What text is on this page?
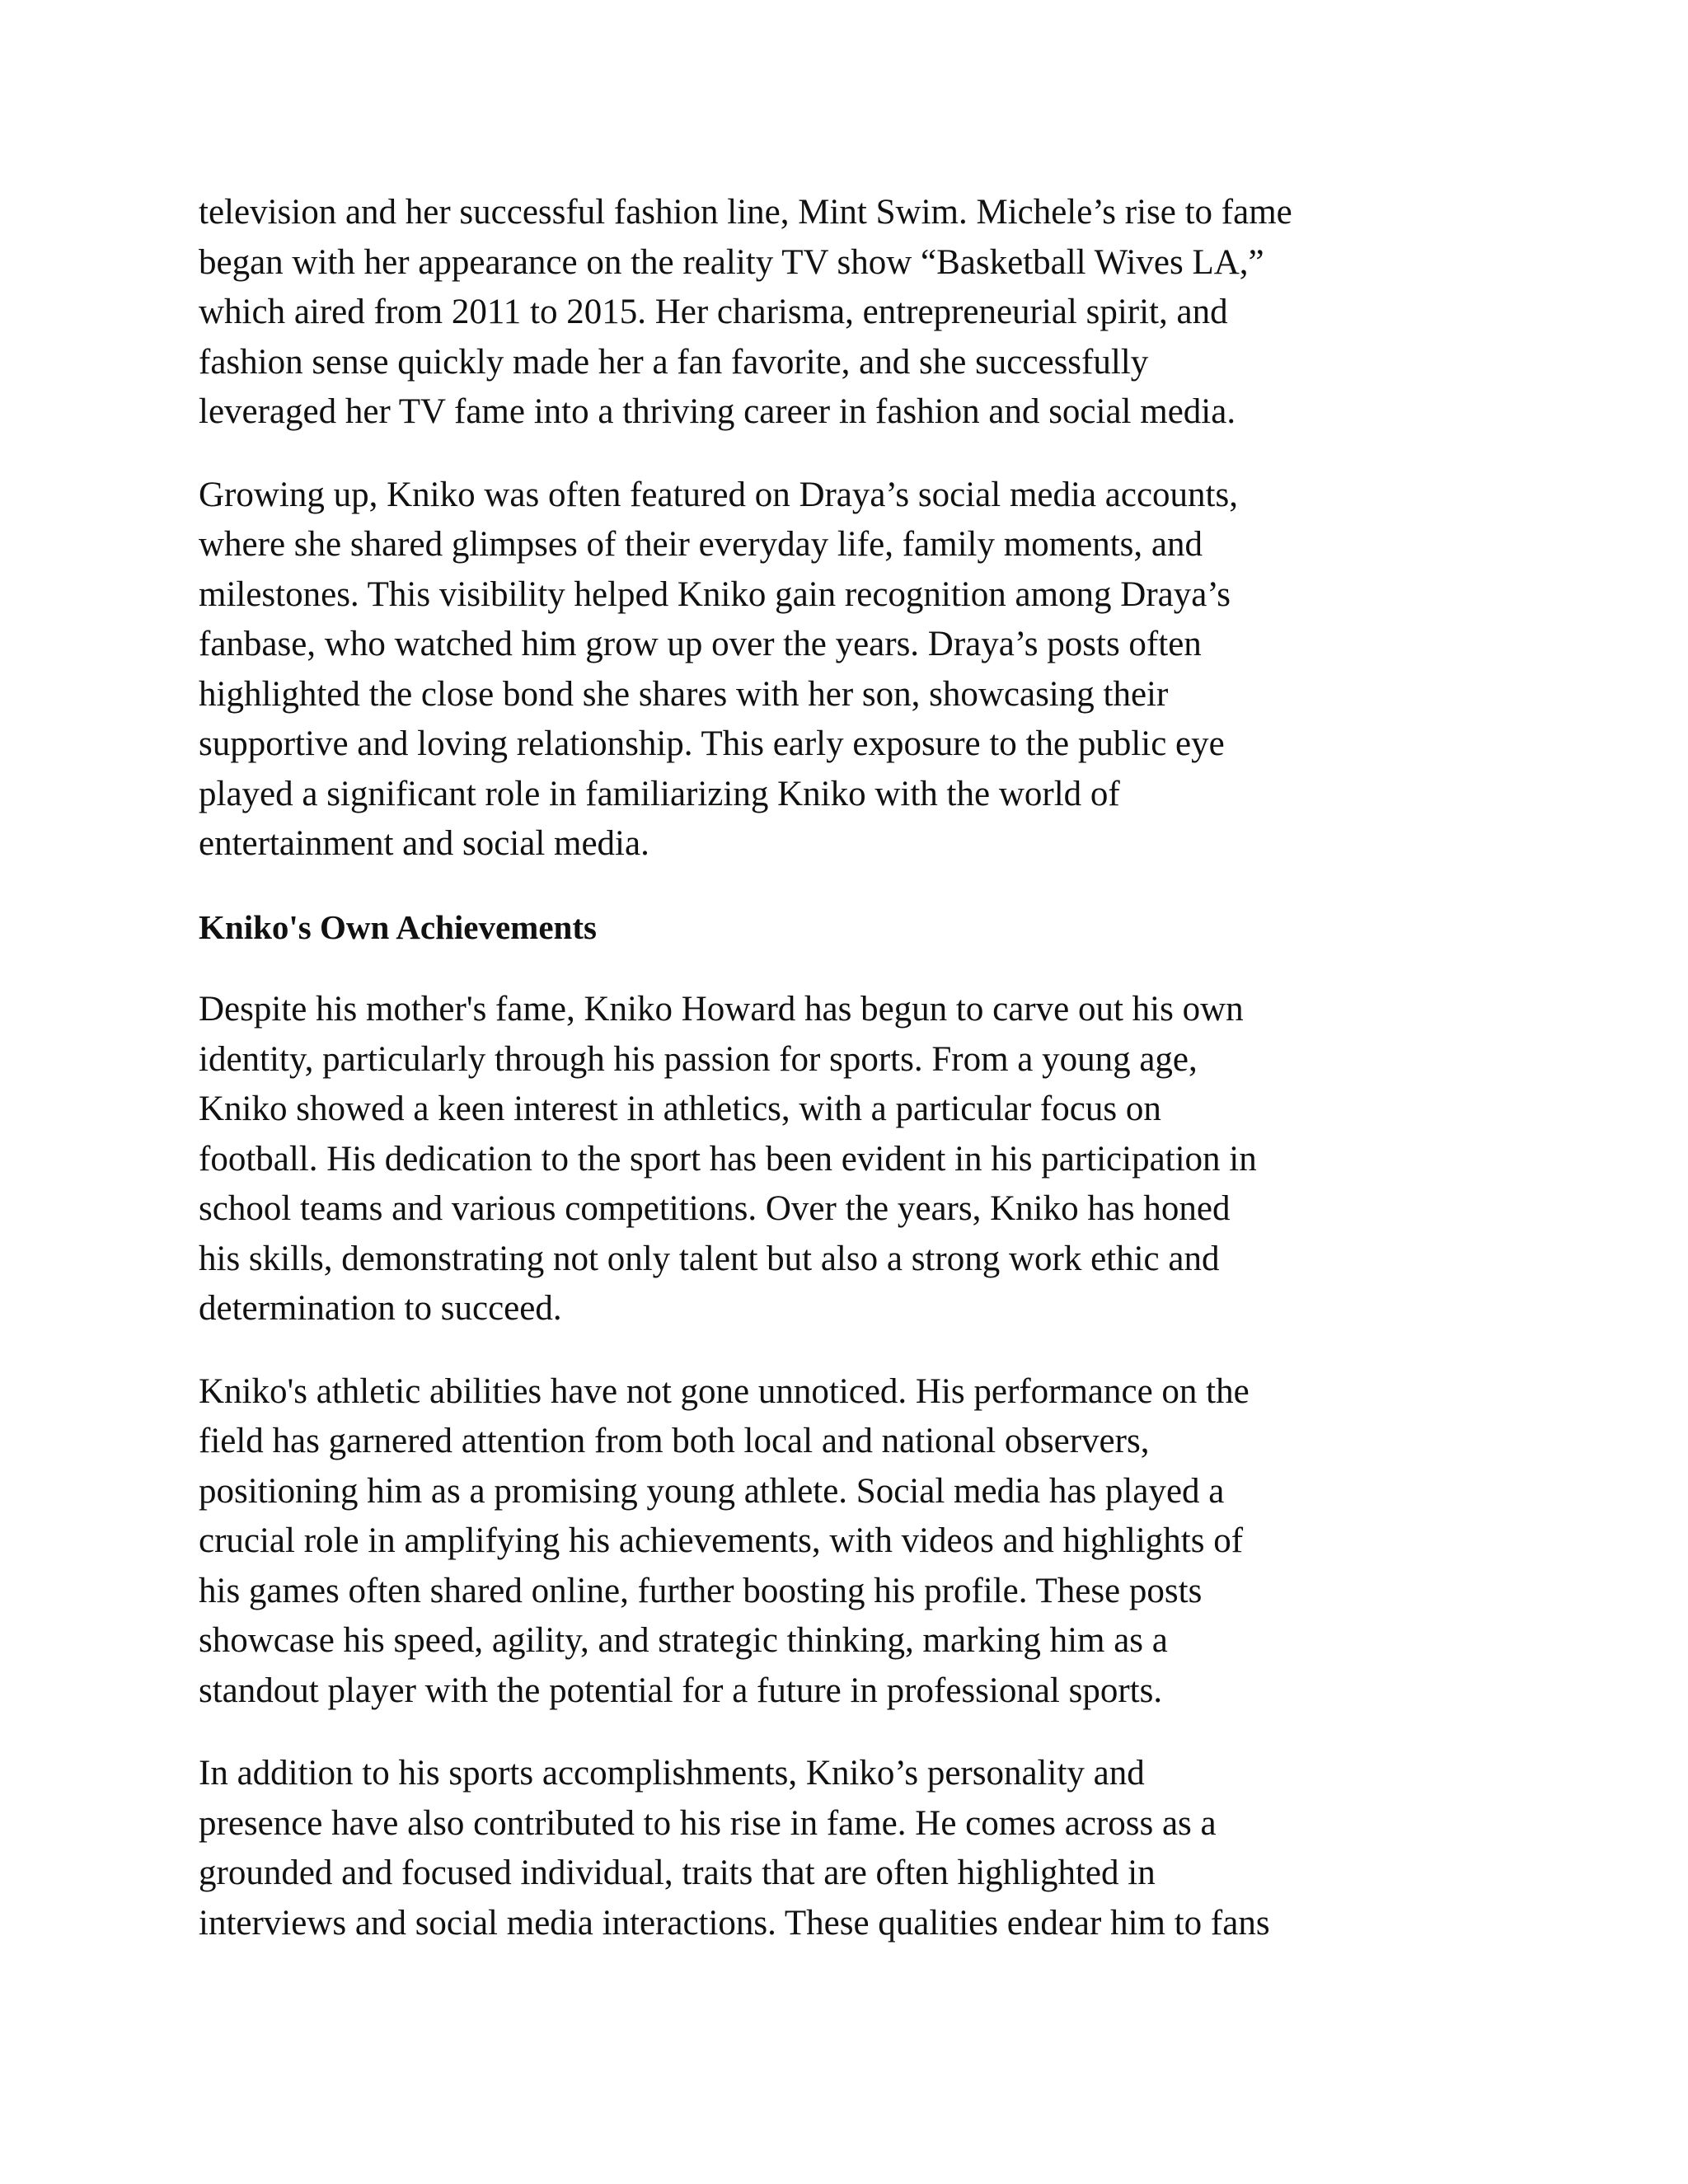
television and her successful fashion line, Mint Swim. Michele’s rise to fame
began with her appearance on the reality TV show “Basketball Wives LA,”
which aired from 2011 to 2015. Her charisma, entrepreneurial spirit, and
fashion sense quickly made her a fan favorite, and she successfully
leveraged her TV fame into a thriving career in fashion and social media.

Growing up, Kniko was often featured on Draya’s social media accounts,
where she shared glimpses of their everyday life, family moments, and
milestones. This visibility helped Kniko gain recognition among Draya’s
fanbase, who watched him grow up over the years. Draya’s posts often
highlighted the close bond she shares with her son, showcasing their
supportive and loving relationship. This early exposure to the public eye
played a significant role in familiarizing Kniko with the world of
entertainment and social media.

Kniko's Own Achievements

Despite his mother's fame, Kniko Howard has begun to carve out his own
identity, particularly through his passion for sports. From a young age,
Kniko showed a keen interest in athletics, with a particular focus on
football. His dedication to the sport has been evident in his participation in
school teams and various competitions. Over the years, Kniko has honed
his skills, demonstrating not only talent but also a strong work ethic and
determination to succeed.

Kniko's athletic abilities have not gone unnoticed. His performance on the
field has garnered attention from both local and national observers,
positioning him as a promising young athlete. Social media has played a
crucial role in amplifying his achievements, with videos and highlights of
his games often shared online, further boosting his profile. These posts
showcase his speed, agility, and strategic thinking, marking him as a
standout player with the potential for a future in professional sports.

In addition to his sports accomplishments, Kniko’s personality and
presence have also contributed to his rise in fame. He comes across as a
grounded and focused individual, traits that are often highlighted in
interviews and social media interactions. These qualities endear him to fans
